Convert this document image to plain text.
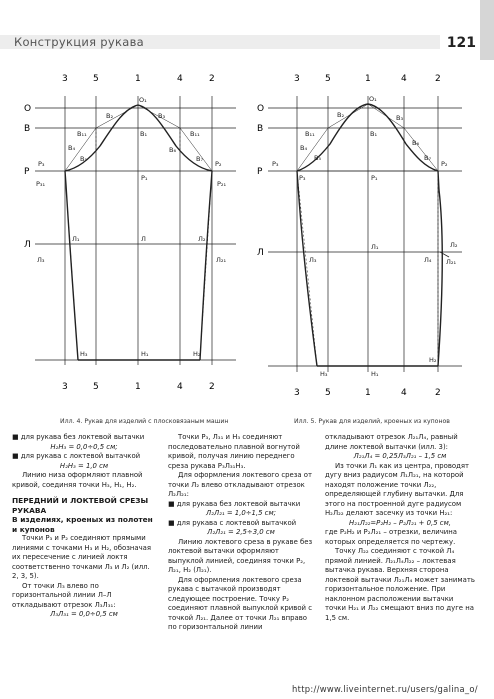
Конструкция рукава	121
3	5	1	4	2
3	5	1	4	2
O
B
P
Л
O₁
B₂	B₃
B₁₁	B₁	B₁₁
B₄
B₅
B₆
B₇
P₃	P₂
P₁
P₃₁	P₂₁
Л
Л₁
Л₃
Л₂
Л₂₁
H₃	H₁	H₂
3	5	1	4	2
3	5	1	4	2
O
B
P
Л
O₁
B₂
B₁₁	B₁
B₃
B₄
B₅
B₆
B₇
P₃	P₂
P₃	P₁
Л₁
Л₃	Л₄
Л₂
Л₂₁
H₃	H₁
H₂
Илл. 4. Рукав для изделий с плосковязаным машин	Илл. 5. Рукав для изделий, кроеных из купонов

■ для рукава без локтевой вытачки

H₂H₃ = 0,0÷0,5 см;

■ для рукава с локтевой вытачкой

H₂H₃ = 1,0 см

Линию низа оформляют плавной кривой, соединяя точки H₃, H₁, H₂.

ПЕРЕДНИЙ И ЛОКТЕВОЙ СРЕЗЫ РУКАВА

В изделиях, кроеных из полотен и купонов

Точки P₃ и P₂ соединяют прямыми линиями с точками H₃ и H₂, обозначая их пересечение с линией локтя соответственно точками Л₃ и Л₂ (илл. 2, 3, 5).

От точки Л₃ влево по горизонтальной линии Л–Л откладывают отрезок Л₃Л₃₁:

Л₃Л₃₁ = 0,0÷0,5 см

Точки P₃, Л₃₁ и H₃ соединяют последовательно плавной вогнутой кривой, получая линию переднего среза рукава P₃Л₃₁H₃.

Для оформления локтевого среза от точки Л₂ влево откладывают отрезок Л₂Л₂₁:

■ для рукава без локтевой вытачки

Л₂Л₂₁ = 1,0÷1,5 см;

■ для рукава с локтевой вытачкой

Л₂Л₂₁ = 2,5÷3,0 см

Линию локтевого среза в рукаве без локтевой вытачки оформляют выпуклой линией, соединяя точки P₂, Л₂₁, H₂ (Л₂₁).

Для оформления локтевого среза рукава с вытачкой производят следующее построение. Точку P₂ соединяют плавной выпуклой кривой с точкой Л₂₁. Далее от точки Л₂₁ вправо по горизонтальной линии

откладывают отрезок Л₂₁Л₄, равный длине локтевой вытачки (илл. 3):

Л₂₁Л₄ = 0,25Л₃Л₂₁ – 1,5 см

Из точки Л₁ как из центра, проводят дугу вниз радиусом Л₁Л₂₁, на которой находят положение точки Л₂₂, определяющей глубину вытачки. Для этого на построенной дуге радиусом H₂Л₂₂ делают засечку из точки H₂₁:

H₂₁Л₂₂=P₂H₂ – P₂Л₂₁ + 0,5 см,

где P₂H₂ и P₂Л₂₁ – отрезки, величина которых определяется по чертежу.

Точку Л₂₂ соединяют с точкой Л₄ прямой линией. Л₂₁Л₄Л₂₂ – локтевая вытачка рукава. Верхняя сторона локтевой вытачки Л₂₁Л₄ может занимать горизонтальное положение. При наклонном расположении вытачки точки H₂₁ и Л₂₂ смещают вниз по дуге на 1,5 см.

http://www.liveinternet.ru/users/galina_o/
